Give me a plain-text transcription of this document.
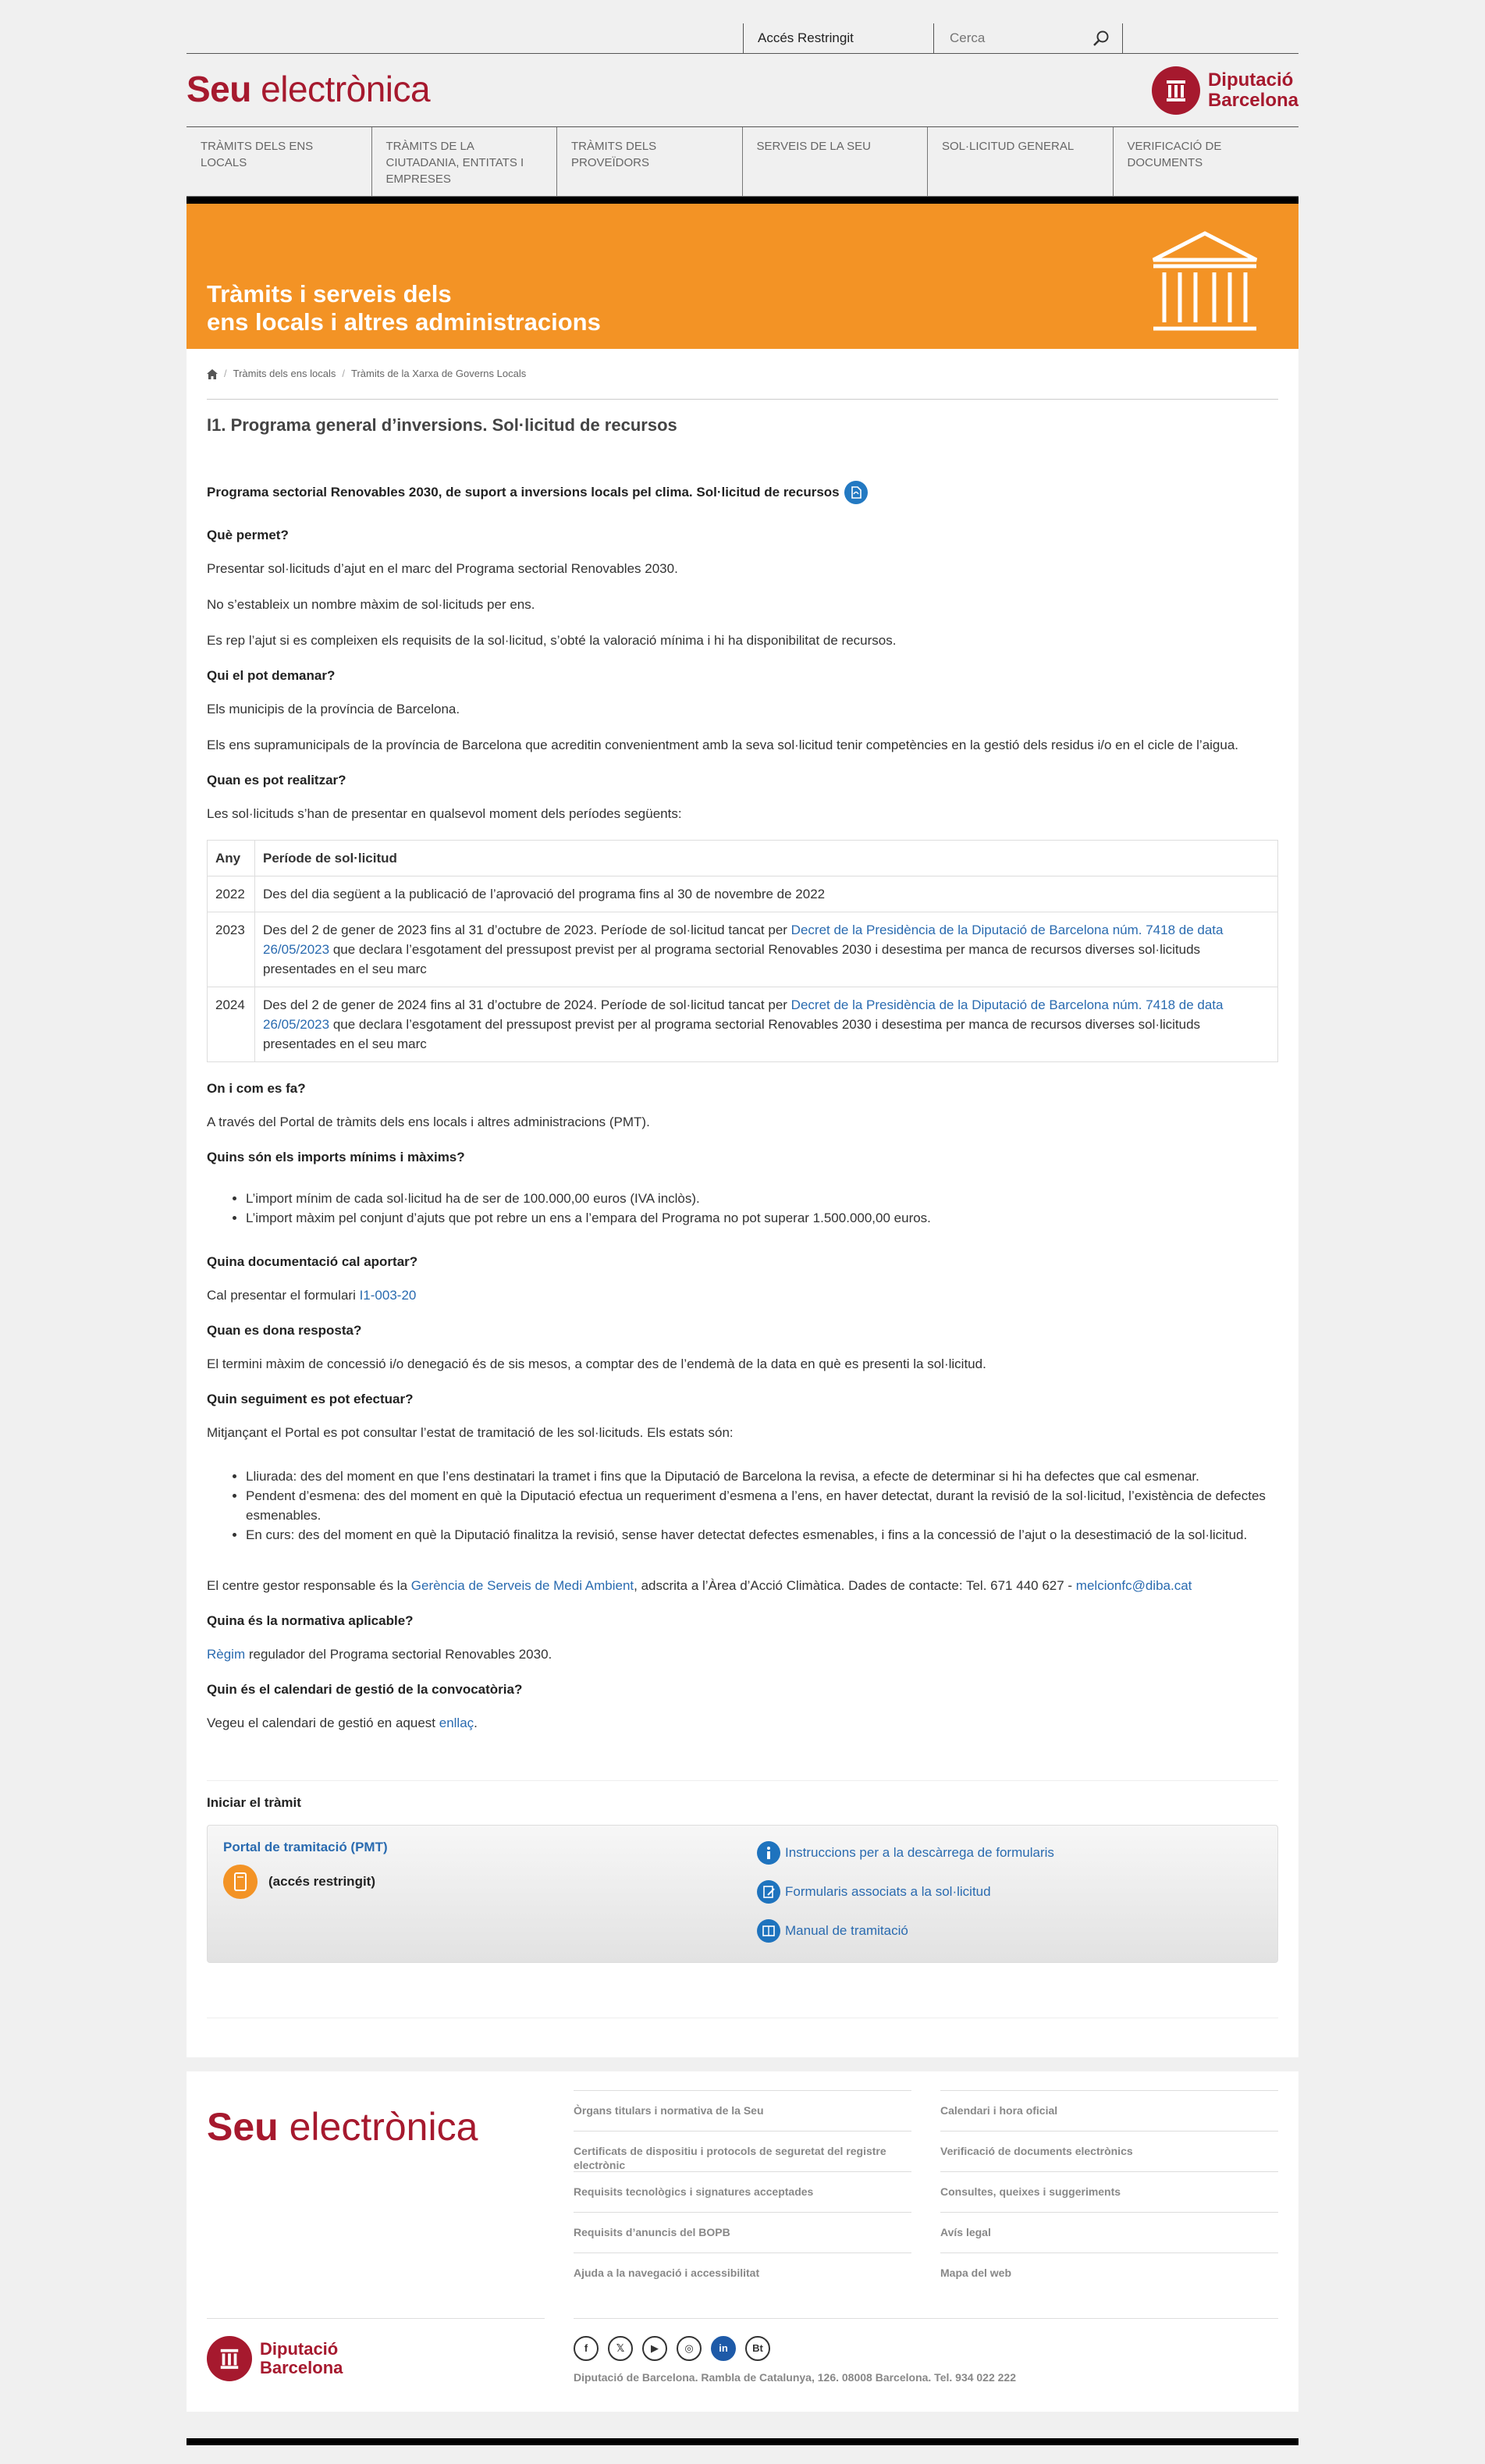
Accés Restringit
Cerca
Seu electrònica	Diputació
Barcelona
TRÀMITS DELS ENS LOCALS
TRÀMITS DE LA CIUTADANIA, ENTITATS I EMPRESES
TRÀMITS DELS PROVEÏDORS
SERVEIS DE LA SEU	SOL·LICITUD GENERAL	VERIFICACIÓ DE DOCUMENTS
Tràmits i serveis dels
ens locals i altres administracions
/ Tràmits dels ens locals / Tràmits de la Xarxa de Governs Locals
I1. Programa general d’inversions. Sol·licitud de recursos
Programa sectorial Renovables 2030, de suport a inversions locals pel clima. Sol·licitud de recursos
Què permet?

Presentar sol·licituds d’ajut en el marc del Programa sectorial Renovables 2030.

No s’estableix un nombre màxim de sol·licituds per ens.

Es rep l’ajut si es compleixen els requisits de la sol·licitud, s’obté la valoració mínima i hi ha disponibilitat de recursos.

Qui el pot demanar?

Els municipis de la província de Barcelona.

Els ens supramunicipals de la província de Barcelona que acreditin convenientment amb la seva sol·licitud tenir competències en la gestió dels residus i/o en el cicle de l’aigua.

Quan es pot realitzar?

Les sol·licituds s’han de presentar en qualsevol moment dels períodes següents:

Any	Període de sol·licitud
2022	Des del dia següent a la publicació de l’aprovació del programa fins al 30 de novembre de 2022
2023	Des del 2 de gener de 2023 fins al 31 d’octubre de 2023. Període de sol·licitud tancat per Decret de la Presidència de la Diputació de Barcelona núm. 7418 de data 26/05/2023 que declara l’esgotament del pressupost previst per al programa sectorial Renovables 2030 i desestima per manca de recursos diverses sol·licituds presentades en el seu marc
2024	Des del 2 de gener de 2024 fins al 31 d’octubre de 2024. Període de sol·licitud tancat per Decret de la Presidència de la Diputació de Barcelona núm. 7418 de data 26/05/2023 que declara l’esgotament del pressupost previst per al programa sectorial Renovables 2030 i desestima per manca de recursos diverses sol·licituds presentades en el seu marc
On i com es fa?

A través del Portal de tràmits dels ens locals i altres administracions (PMT).

Quins són els imports mínims i màxims?
• L’import mínim de cada sol·licitud ha de ser de 100.000,00 euros (IVA inclòs).
• L’import màxim pel conjunt d’ajuts que pot rebre un ens a l’empara del Programa no pot superar 1.500.000,00 euros.
Quina documentació cal aportar?

Cal presentar el formulari I1-003-20

Quan es dona resposta?

El termini màxim de concessió i/o denegació és de sis mesos, a comptar des de l’endemà de la data en què es presenti la sol·licitud.

Quin seguiment es pot efectuar?

Mitjançant el Portal es pot consultar l’estat de tramitació de les sol·licituds. Els estats són:

• Lliurada: des del moment en que l’ens destinatari la tramet i fins que la Diputació de Barcelona la revisa, a efecte de determinar si hi ha defectes que cal esmenar.
• Pendent d’esmena: des del moment en què la Diputació efectua un requeriment d’esmena a l’ens, en haver detectat, durant la revisió de la sol·licitud, l’existència de defectes esmenables.
• En curs: des del moment en què la Diputació finalitza la revisió, sense haver detectat defectes esmenables, i fins a la concessió de l’ajut o la desestimació de la sol·licitud.

El centre gestor responsable és la Gerència de Serveis de Medi Ambient, adscrita a l’Àrea d’Acció Climàtica. Dades de contacte: Tel. 671 440 627 - melcionfc@diba.cat

Quina és la normativa aplicable?

Règim regulador del Programa sectorial Renovables 2030.

Quin és el calendari de gestió de la convocatòria?

Vegeu el calendari de gestió en aquest enllaç.

Iniciar el tràmit
Portal de tramitació (PMT)
(accés restringit)
Instruccions per a la descàrrega de formularis
Formularis associats a la sol·licitud
Manual de tramitació
Seu electrònica	Òrgans titulars i normativa de la Seu
Certificats de dispositiu i protocols de seguretat del registre electrònic
Requisits tecnològics i signatures acceptades
Requisits d’anuncis del BOPB
Ajuda a la navegació i accessibilitat
Calendari i hora oficial
Verificació de documents electrònics
Consultes, queixes i suggeriments
Avís legal
Mapa del web
Diputació
Barcelona
f	𝕏	▶	◎	in	Bt
Diputació de Barcelona. Rambla de Catalunya, 126. 08008 Barcelona. Tel. 934 022 222
